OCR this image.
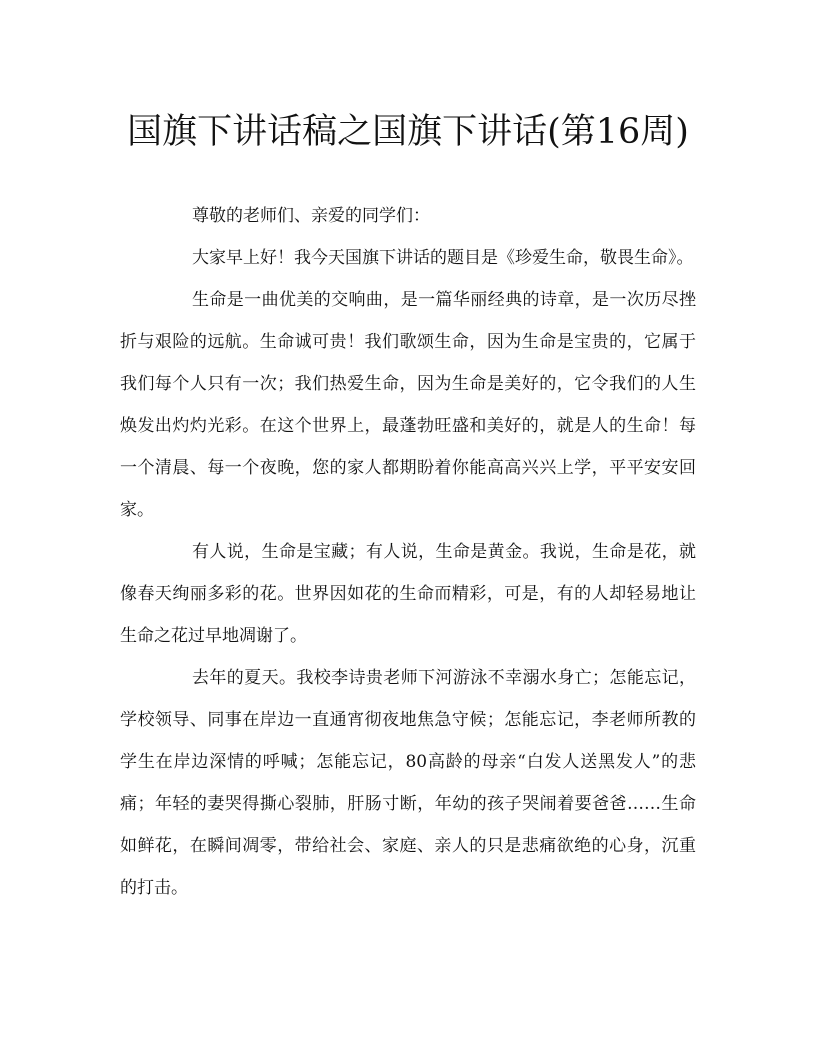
国旗下讲话稿之国旗下讲话(第16周)

尊敬的老师们、亲爱的同学们：

大家早上好！我今天国旗下讲话的题目是《珍爱生命，敬畏生命》。

生命是一曲优美的交响曲，是一篇华丽经典的诗章，是一次历尽挫折与艰险的远航。生命诚可贵！我们歌颂生命，因为生命是宝贵的，它属于我们每个人只有一次；我们热爱生命，因为生命是美好的，它令我们的人生焕发出灼灼光彩。在这个世界上，最蓬勃旺盛和美好的，就是人的生命！每一个清晨、每一个夜晚，您的家人都期盼着你能高高兴兴上学，平平安安回家。

有人说，生命是宝藏；有人说，生命是黄金。我说，生命是花，就像春天绚丽多彩的花。世界因如花的生命而精彩，可是，有的人却轻易地让生命之花过早地凋谢了。

去年的夏天。我校李诗贵老师下河游泳不幸溺水身亡；怎能忘记，学校领导、同事在岸边一直通宵彻夜地焦急守候；怎能忘记，李老师所教的学生在岸边深情的呼喊；怎能忘记，80高龄的母亲“白发人送黑发人”的悲痛；年轻的妻哭得撕心裂肺，肝肠寸断，年幼的孩子哭闹着要爸爸……生命如鲜花，在瞬间凋零，带给社会、家庭、亲人的只是悲痛欲绝的心身，沉重的打击。
